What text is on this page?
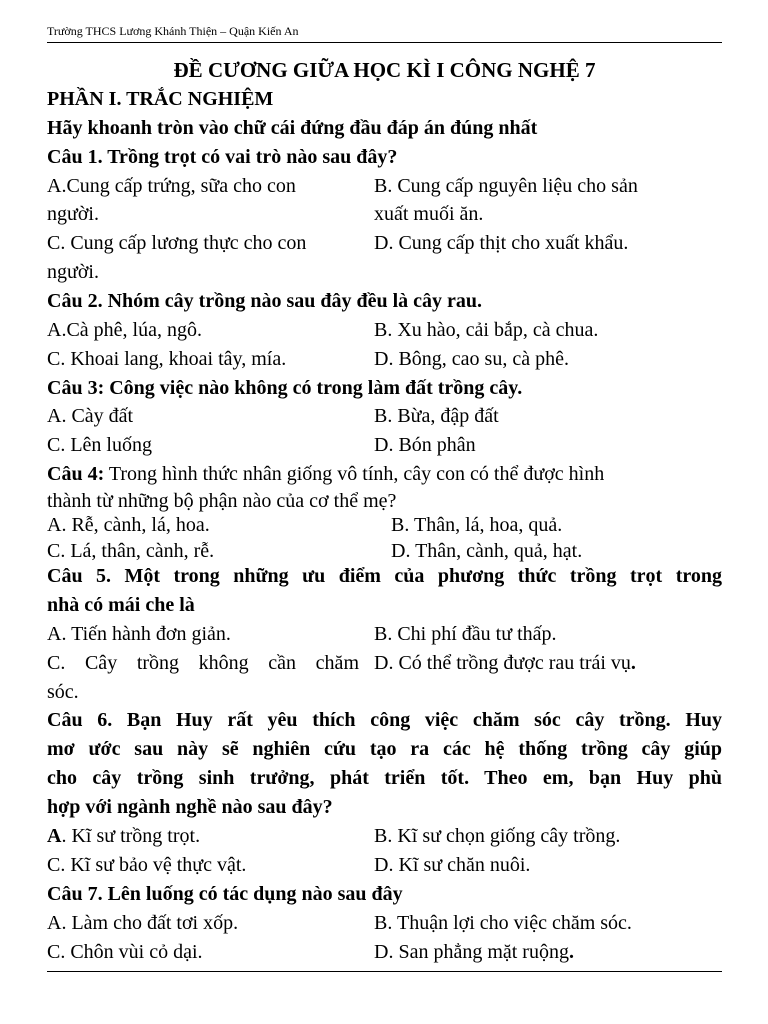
Trường THCS Lương Khánh Thiện – Quận Kiến An
ĐỀ CƯƠNG GIỮA HỌC KÌ I CÔNG NGHỆ 7
PHẦN I. TRẮC NGHIỆM
Hãy khoanh tròn vào chữ cái đứng đầu đáp án đúng nhất
Câu 1. Trồng trọt có vai trò nào sau đây?
A.Cung cấp trứng, sữa cho con	B. Cung cấp nguyên liệu cho sản
người.	xuất muối ăn.
C. Cung cấp lương thực cho con	D. Cung cấp thịt cho xuất khẩu.
người.
Câu 2. Nhóm cây trồng nào sau đây đều là cây rau.
A.Cà phê, lúa, ngô.	B. Xu hào, cải bắp, cà chua.
C. Khoai lang, khoai tây, mía.	D. Bông, cao su, cà phê.
Câu 3: Công việc nào không có trong làm đất trồng cây.
A. Cày đất	B. Bừa, đập đất
C. Lên luống	D. Bón phân
Câu 4: Trong hình thức nhân giống vô tính, cây con có thể được hình
thành từ những bộ phận nào của cơ thể mẹ?
A. Rễ, cành, lá, hoa.	B. Thân, lá, hoa, quả.
C. Lá, thân, cành, rễ.	D. Thân, cành, quả, hạt.
Câu 5. Một trong những ưu điểm của phương thức trồng trọt trong
nhà có mái che là
A. Tiến hành đơn giản.	B. Chi phí đầu tư thấp.
C. Cây trồng không cần chăm D. Có thể trồng được rau trái vụ.
sóc.
Câu 6. Bạn Huy rất yêu thích công việc chăm sóc cây trồng. Huy
mơ ước sau này sẽ nghiên cứu tạo ra các hệ thống trồng cây giúp
cho cây trồng sinh trưởng, phát triển tốt. Theo em, bạn Huy phù
hợp với ngành nghề nào sau đây?
A. Kĩ sư trồng trọt.	B. Kĩ sư chọn giống cây trồng.
C. Kĩ sư bảo vệ thực vật.	D. Kĩ sư chăn nuôi.
Câu 7. Lên luống có tác dụng nào sau đây
A. Làm cho đất tơi xốp.	B. Thuận lợi cho việc chăm sóc.
C. Chôn vùi cỏ dại.	D. San phẳng mặt ruộng.
